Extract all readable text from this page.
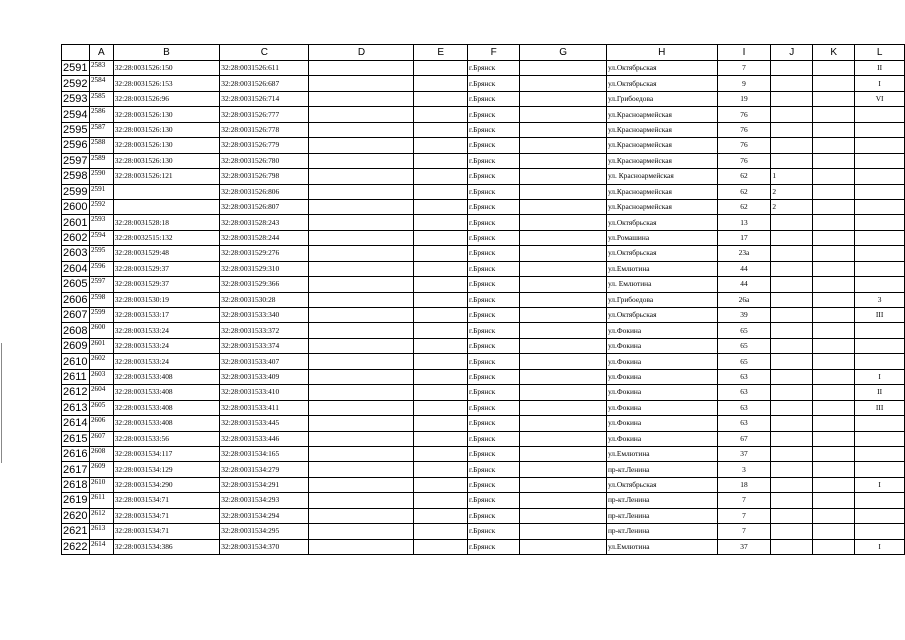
	A	B	C	D	E	F	G	H	I	J	K	L
2591	2583	32:28:0031526:150	32:28:0031526:611			г.Брянск		ул.Октябрьская	7			II
2592	2584	32:28:0031526:153	32:28:0031526:687			г.Брянск		ул.Октябрьская	9			I
2593	2585	32:28:0031526:96	32:28:0031526:714			г.Брянск		ул.Грибоедова	19			VI
2594	2586	32:28:0031526:130	32:28:0031526:777			г.Брянск		ул.Красноармейская	76			
2595	2587	32:28:0031526:130	32:28:0031526:778			г.Брянск		ул.Красноармейская	76			
2596	2588	32:28:0031526:130	32:28:0031526:779			г.Брянск		ул.Красноармейская	76			
2597	2589	32:28:0031526:130	32:28:0031526:780			г.Брянск		ул.Красноармейская	76			
2598	2590	32:28:0031526:121	32:28:0031526:798			г.Брянск		ул. Красноармейская	62	1		
2599	2591		32:28:0031526:806			г.Брянск		ул.Красноармейская	62	2		
2600	2592		32:28:0031526:807			г.Брянск		ул.Красноармейская	62	2		
2601	2593	32:28:0031528:18	32:28:0031528:243			г.Брянск		ул.Октябрьская	13			
2602	2594	32:28:0032515:132	32:28:0031528:244			г.Брянск		ул.Ромашина	17			
2603	2595	32:28:0031529:48	32:28:0031529:276			г.Брянск		ул.Октябрьская	23а			
2604	2596	32:28:0031529:37	32:28:0031529:310			г.Брянск		ул.Емлютина	44			
2605	2597	32:28:0031529:37	32:28:0031529:366			г.Брянск		ул. Емлютина	44			
2606	2598	32:28:0031530:19	32:28:0031530:28			г.Брянск		ул.Грибоедова	26а			3
2607	2599	32:28:0031533:17	32:28:0031533:340			г.Брянск		ул.Октябрьская	39			III
2608	2600	32:28:0031533:24	32:28:0031533:372			г.Брянск		ул.Фокина	65			
2609	2601	32:28:0031533:24	32:28:0031533:374			г.Брянск		ул.Фокина	65			
2610	2602	32:28:0031533:24	32:28:0031533:407			г.Брянск		ул.Фокина	65			
2611	2603	32:28:0031533:408	32:28:0031533:409			г.Брянск		ул.Фокина	63			I
2612	2604	32:28:0031533:408	32:28:0031533:410			г.Брянск		ул.Фокина	63			II
2613	2605	32:28:0031533:408	32:28:0031533:411			г.Брянск		ул.Фокина	63			III
2614	2606	32:28:0031533:408	32:28:0031533:445			г.Брянск		ул.Фокина	63			
2615	2607	32:28:0031533:56	32:28:0031533:446			г.Брянск		ул.Фокина	67			
2616	2608	32:28:0031534:117	32:28:0031534:165			г.Брянск		ул.Емлютина	37			
2617	2609	32:28:0031534:129	32:28:0031534:279			г.Брянск		пр-кт.Ленина	3			
2618	2610	32:28:0031534:290	32:28:0031534:291			г.Брянск		ул.Октябрьская	18			I
2619	2611	32:28:0031534:71	32:28:0031534:293			г.Брянск		пр-кт.Ленина	7			
2620	2612	32:28:0031534:71	32:28:0031534:294			г.Брянск		пр-кт.Ленина	7			
2621	2613	32:28:0031534:71	32:28:0031534:295			г.Брянск		пр-кт.Ленина	7			
2622	2614	32:28:0031534:386	32:28:0031534:370			г.Брянск		ул.Емлютина	37			I
